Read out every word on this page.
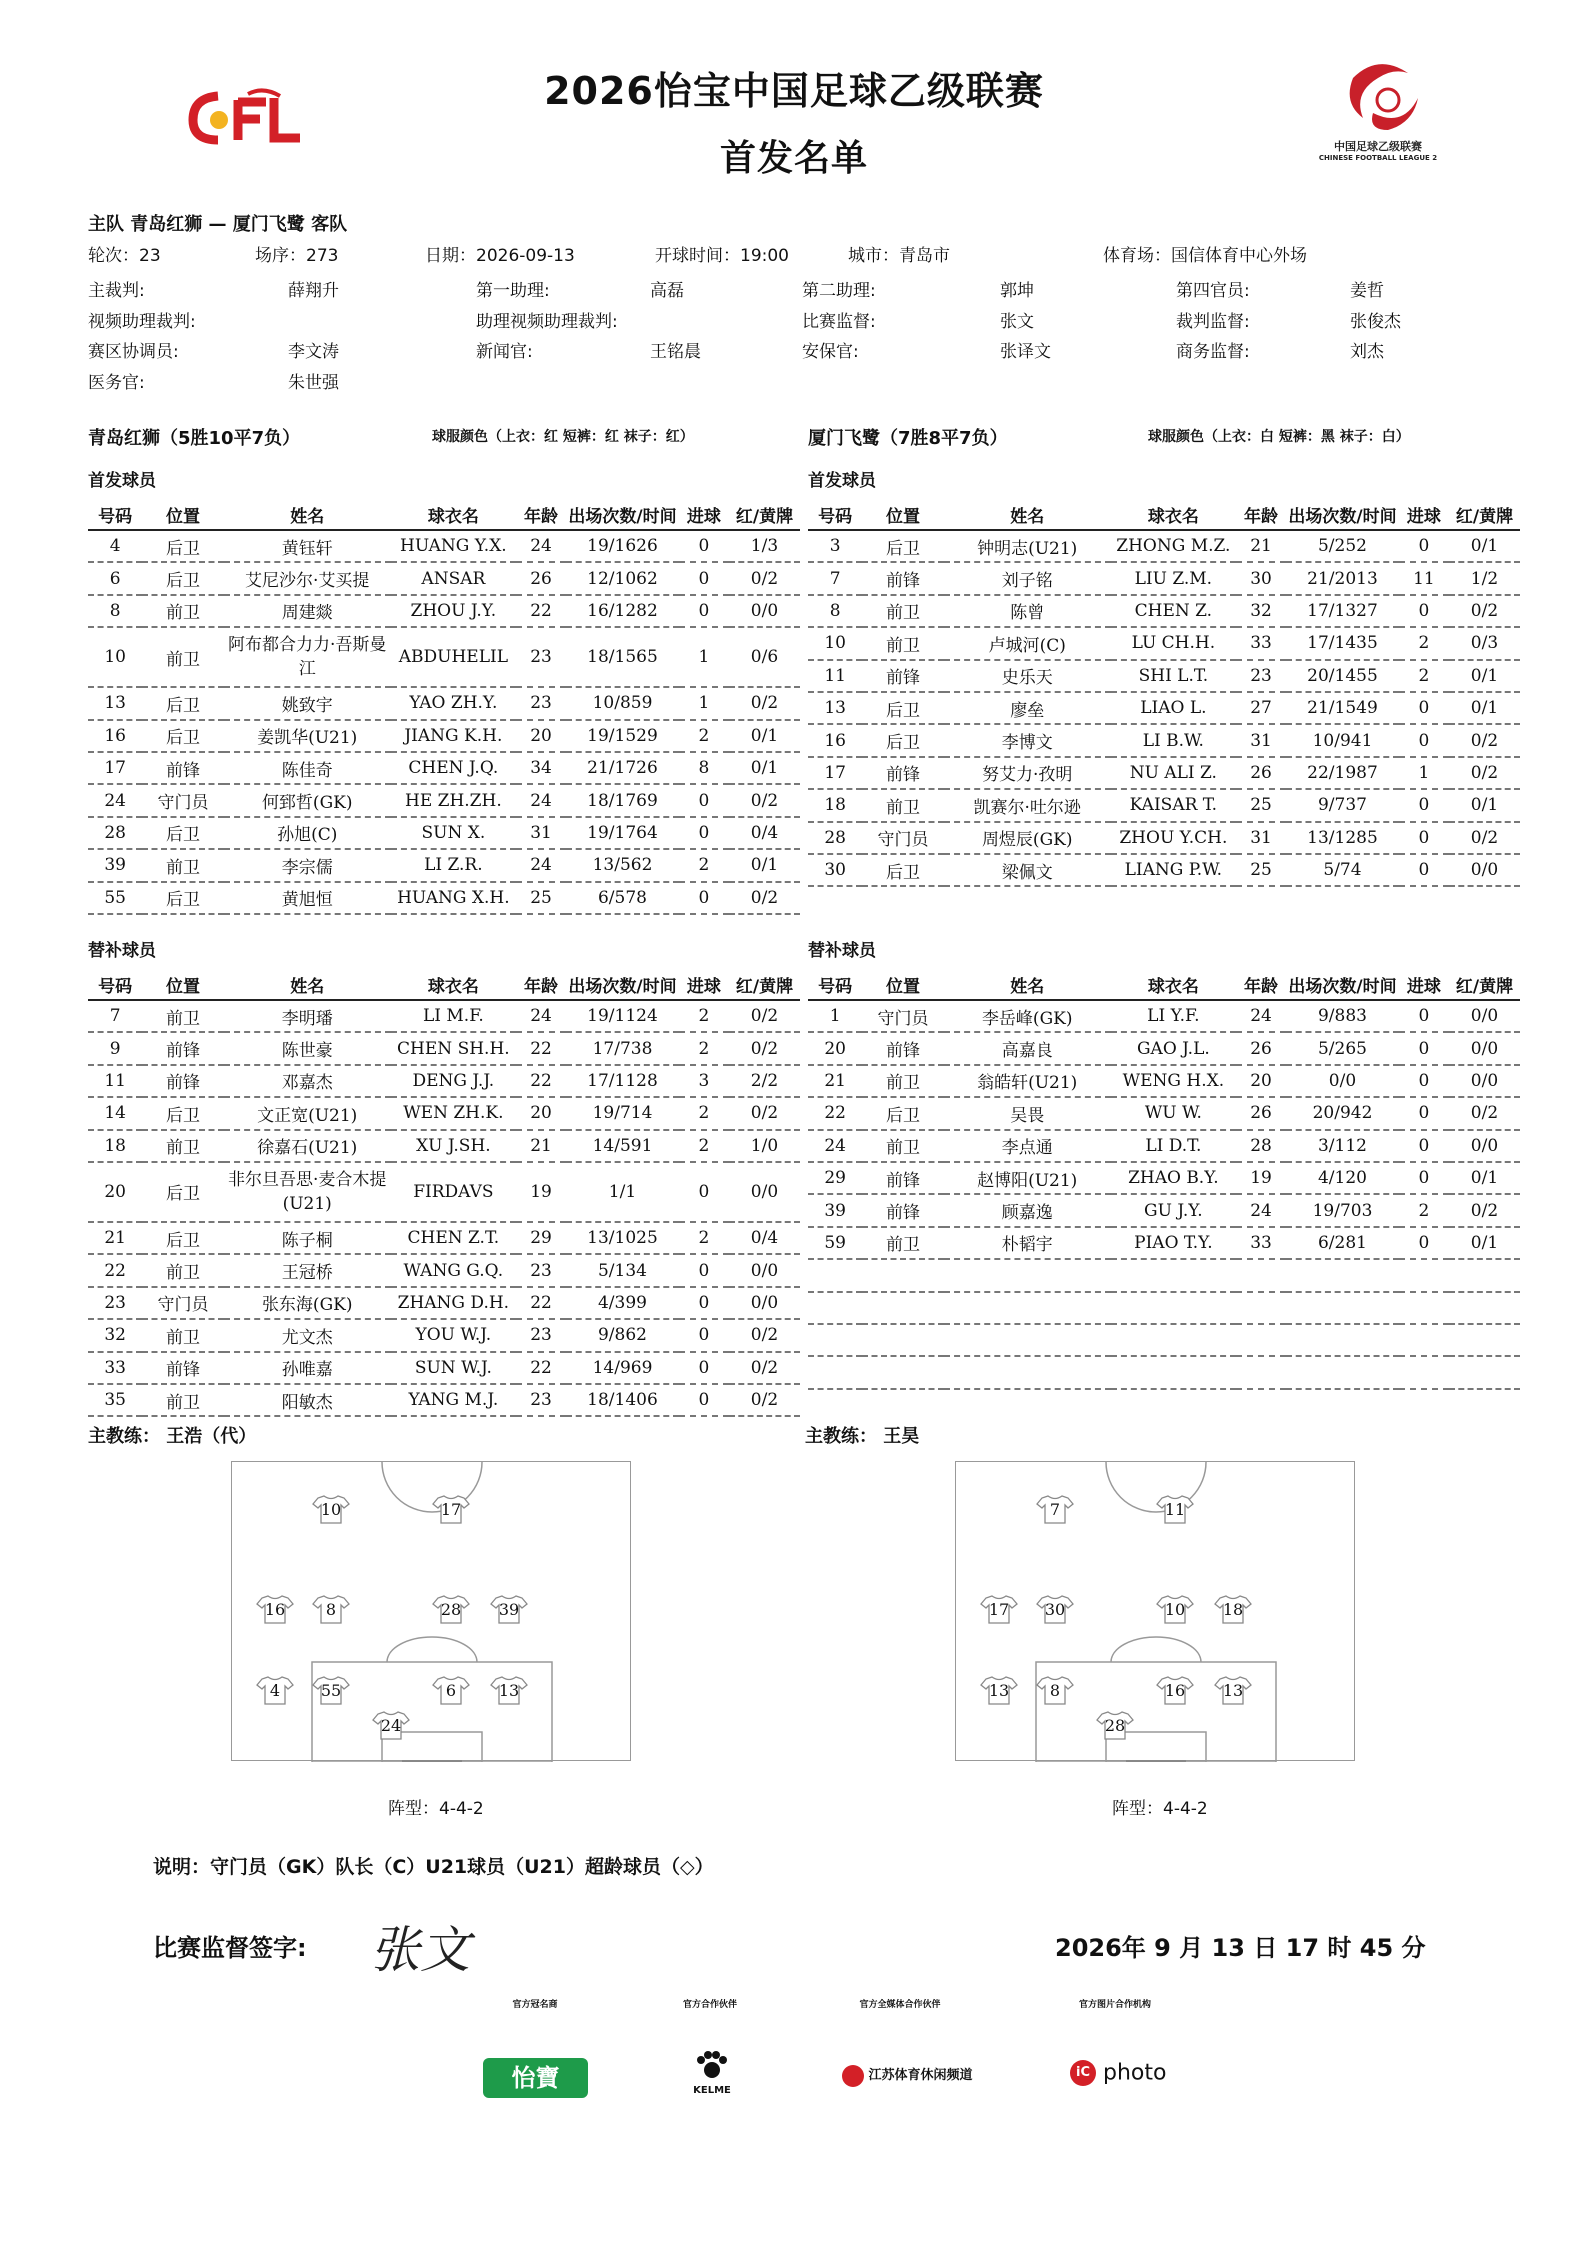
2026怡宝中国足球乙级联赛
首发名单	中国足球乙级联赛
CHINESE FOOTBALL LEAGUE 2
主队 青岛红狮 — 厦门飞鹭 客队
轮次：23	场序：273	日期：2026-09-13	开球时间：19:00	城市：青岛市	体育场：国信体育中心外场
主裁判:	薛翔升	第一助理:	高磊	第二助理:	郭坤	第四官员:	姜哲
视频助理裁判:	助理视频助理裁判:	比赛监督:	张文	裁判监督:	张俊杰
赛区协调员:	李文涛	新闻官:	王铭晨	安保官:	张译文	商务监督:	刘杰
医务官:	朱世强
青岛红狮（5胜10平7负）	球服颜色（上衣：红 短裤：红 袜子：红）	厦门飞鹭（7胜8平7负）	球服颜色（上衣：白 短裤：黑 袜子：白）
首发球员	首发球员
替补球员	替补球员
号码	位置	姓名	球衣名	年龄	出场次数/时间	进球	红/黄牌
4	后卫	黄钰轩	HUANG Y.X.	24	19/1626	0	1/3
6	后卫	艾尼沙尔·艾买提	ANSAR	26	12/1062	0	0/2
8	前卫	周建燚	ZHOU J.Y.	22	16/1282	0	0/0
10	前卫	阿布都合力力·吾斯曼江	ABDUHELIL	23	18/1565	1	0/6
13	后卫	姚致宇	YAO ZH.Y.	23	10/859	1	0/2
16	后卫	姜凯华(U21)	JIANG K.H.	20	19/1529	2	0/1
17	前锋	陈佳奇	CHEN J.Q.	34	21/1726	8	0/1
24	守门员	何郅哲(GK)	HE ZH.ZH.	24	18/1769	0	0/2
28	后卫	孙旭(C)	SUN X.	31	19/1764	0	0/4
39	前卫	李宗儒	LI Z.R.	24	13/562	2	0/1
55	后卫	黄旭恒	HUANG X.H.	25	6/578	0	0/2
号码	位置	姓名	球衣名	年龄	出场次数/时间	进球	红/黄牌
3	后卫	钟明志(U21)	ZHONG M.Z.	21	5/252	0	0/1
7	前锋	刘子铭	LIU Z.M.	30	21/2013	11	1/2
8	前卫	陈曾	CHEN Z.	32	17/1327	0	0/2
10	前卫	卢城河(C)	LU CH.H.	33	17/1435	2	0/3
11	前锋	史乐天	SHI L.T.	23	20/1455	2	0/1
13	后卫	廖垒	LIAO L.	27	21/1549	0	0/1
16	后卫	李博文	LI B.W.	31	10/941	0	0/2
17	前锋	努艾力·孜明	NU ALI Z.	26	22/1987	1	0/2
18	前卫	凯赛尔·吐尔逊	KAISAR T.	25	9/737	0	0/1
28	守门员	周煜辰(GK)	ZHOU Y.CH.	31	13/1285	0	0/2
30	后卫	梁佩文	LIANG P.W.	25	5/74	0	0/0
号码	位置	姓名	球衣名	年龄	出场次数/时间	进球	红/黄牌
7	前卫	李明璠	LI M.F.	24	19/1124	2	0/2
9	前锋	陈世豪	CHEN SH.H.	22	17/738	2	0/2
11	前锋	邓嘉杰	DENG J.J.	22	17/1128	3	2/2
14	后卫	文正宽(U21)	WEN ZH.K.	20	19/714	2	0/2
18	前卫	徐嘉石(U21)	XU J.SH.	21	14/591	2	1/0
20	后卫	非尔旦吾思·麦合木提(U21)	FIRDAVS	19	1/1	0	0/0
21	后卫	陈子桐	CHEN Z.T.	29	13/1025	2	0/4
22	前卫	王冠桥	WANG G.Q.	23	5/134	0	0/0
23	守门员	张东海(GK)	ZHANG D.H.	22	4/399	0	0/0
32	前卫	尤文杰	YOU W.J.	23	9/862	0	0/2
33	前锋	孙唯嘉	SUN W.J.	22	14/969	0	0/2
35	前卫	阳敏杰	YANG M.J.	23	18/1406	0	0/2
号码	位置	姓名	球衣名	年龄	出场次数/时间	进球	红/黄牌
1	守门员	李岳峰(GK)	LI Y.F.	24	9/883	0	0/0
20	前锋	高嘉良	GAO J.L.	26	5/265	0	0/0
21	前卫	翁皓轩(U21)	WENG H.X.	20	0/0	0	0/0
22	后卫	吴畏	WU W.	26	20/942	0	0/2
24	前卫	李点通	LI D.T.	28	3/112	0	0/0
29	前锋	赵博阳(U21)	ZHAO B.Y.	19	4/120	0	0/1
39	前锋	顾嘉逸	GU J.Y.	24	19/703	2	0/2
59	前卫	朴韬宇	PIAO T.Y.	33	6/281	0	0/1

主教练： 王浩（代）	主教练： 王昊
10	17
16	8	28	39
4	55	6	13
24
7	11
17	30	10	18
13	8	16	13
28
阵型：4-4-2	阵型：4-4-2
说明：守门员（GK）队长（C）U21球员（U21）超龄球员（◇）
比赛监督签字: 张文	2026年 9 月 13 日 17 时 45 分
官方冠名商	官方合作伙伴	官方全媒体合作伙伴	官方图片合作机构
怡寶	KELME
江苏体育休闲频道	iC photo
